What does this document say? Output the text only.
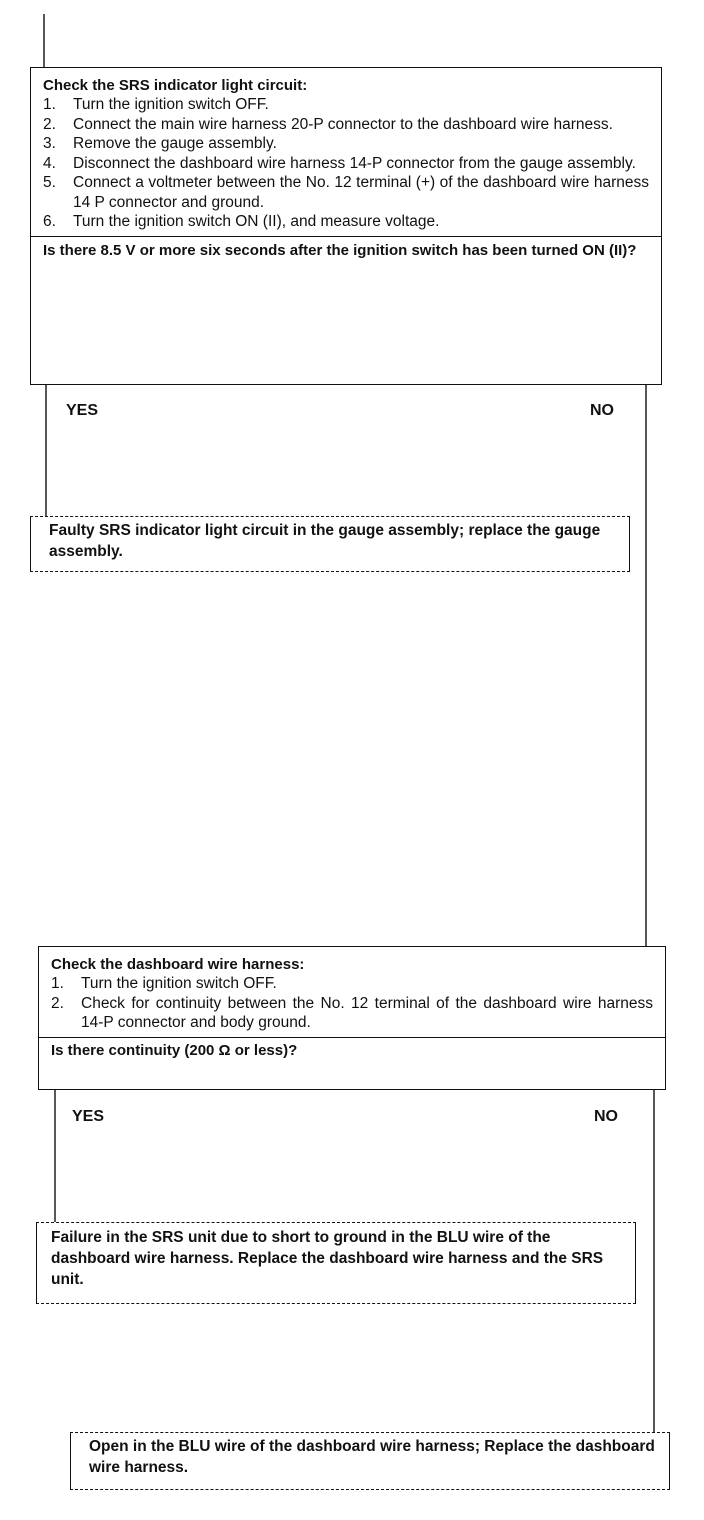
Check the SRS indicator light circuit:
1. Turn the ignition switch OFF.
2. Connect the main wire harness 20-P connector to the dashboard wire harness.
3. Remove the gauge assembly.
4. Disconnect the dashboard wire harness 14-P connector from the gauge assembly.
5. Connect a voltmeter between the No. 12 terminal (+) of the dashboard wire harness 14 P connector and ground.
6. Turn the ignition switch ON (II), and measure voltage.
Is there 8.5 V or more six seconds after the ignition switch has been turned ON (II)?
YES	NO
Faulty SRS indicator light circuit in the gauge assembly; replace the gauge assembly.
Check the dashboard wire harness:
1. Turn the ignition switch OFF.
2. Check for continuity between the No. 12 terminal of the dashboard wire harness 14-P connector and body ground.
Is there continuity (200 Ω or less)?
YES	NO
Failure in the SRS unit due to short to ground in the BLU wire of the dashboard wire harness. Replace the dashboard wire harness and the SRS unit.
Open in the BLU wire of the dashboard wire harness; Replace the dashboard wire harness.
